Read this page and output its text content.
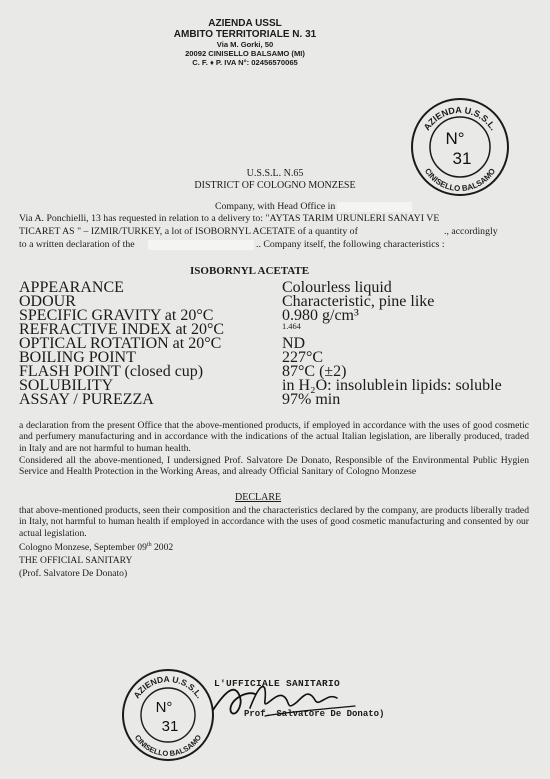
AZIENDA USSL
AMBITO TERRITORIALE N. 31
Via M. Gorki, 50
20092 CINISELLO BALSAMO (MI)
C. F. ♦ P. IVA N°: 02456570065
AZIENDA U.S.S.L.
CINISELLO BALSAMO
N°
31
U.S.S.L. N.65
DISTRICT OF COLOGNO MONZESE
Company, with Head Office in
Via A. Ponchielli, 13 has requested in relation to a delivery to: "AYTAS TARIM URUNLERI SANAYI VE
TICARET AS " – IZMIR/TURKEY, a lot of ISOBORNYL ACETATE of a quantity of	., accordingly
to a written declaration of the	.. Company itself, the following characteristics :
ISOBORNYL ACETATE
APPEARANCE	Colourless liquid
ODOUR	Characteristic, pine like
SPECIFIC GRAVITY at 20°C	0.980 g/cm³
REFRACTIVE INDEX at 20°C	1.464
OPTICAL ROTATION at 20°C	ND
BOILING POINT	227°C
FLASH POINT (closed cup)	87°C (±2)
SOLUBILITY	in H₂O: insoluble in lipids: soluble
ASSAY / PUREZZA	97% min
a declaration from the present Office that the above-mentioned products, if employed in accordance with the uses of good cosmetic and perfumery manufacturing and in accordance with the indications of the actual Italian legislation, are liberally produced, traded in Italy and are not harmful to human health.
Considered all the above-mentioned, I undersigned Prof. Salvatore De Donato, Responsible of the Environmental Public Hygien Service and Health Protection in the Working Areas, and already Official Sanitary of Cologno Monzese
DECLARE
that above-mentioned products, seen their composition and the characteristics declared by the company, are products liberally traded in Italy, not harmful to human health if employed in accordance with the uses of good cosmetic manufacturing and consented by our actual legislation.
Cologno Monzese, September 09th 2002
THE OFFICIAL SANITARY
(Prof. Salvatore De Donato)
AZIENDA U.S.S.L.
CINISELLO BALSAMO
N°
31
L'UFFICIALE SANITARIO
Prof. Salvatore De Donato)
